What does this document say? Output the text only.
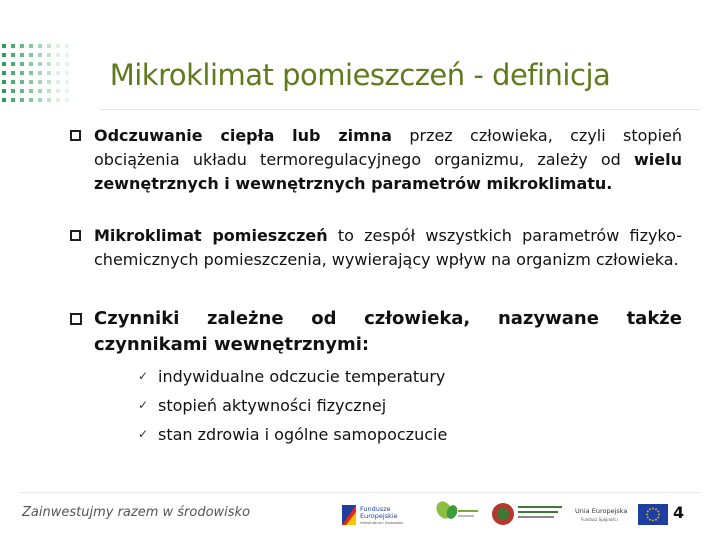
Mikroklimat pomieszczeń - definicja
Odczuwanie ciepła lub zimna przez człowieka, czyli stopień obciążenia układu termoregulacyjnego organizmu, zależy od wielu zewnętrznych i wewnętrznych parametrów mikroklimatu.
Mikroklimat pomieszczeń to zespół wszystkich parametrów fizyko-chemicznych pomieszczenia, wywierający wpływ na organizm człowieka.
Czynniki zależne od człowieka, nazywane także czynnikami wewnętrznymi:
✓ indywidualne odczucie temperatury
✓ stopień aktywności fizycznej
✓ stan zdrowia i ogólne samopoczucie
Zainwestujmy razem w środowisko	Fundusze
Europejskie
Infrastruktura i Środowisko
Unia Europejska
Fundusz Spójności	4
